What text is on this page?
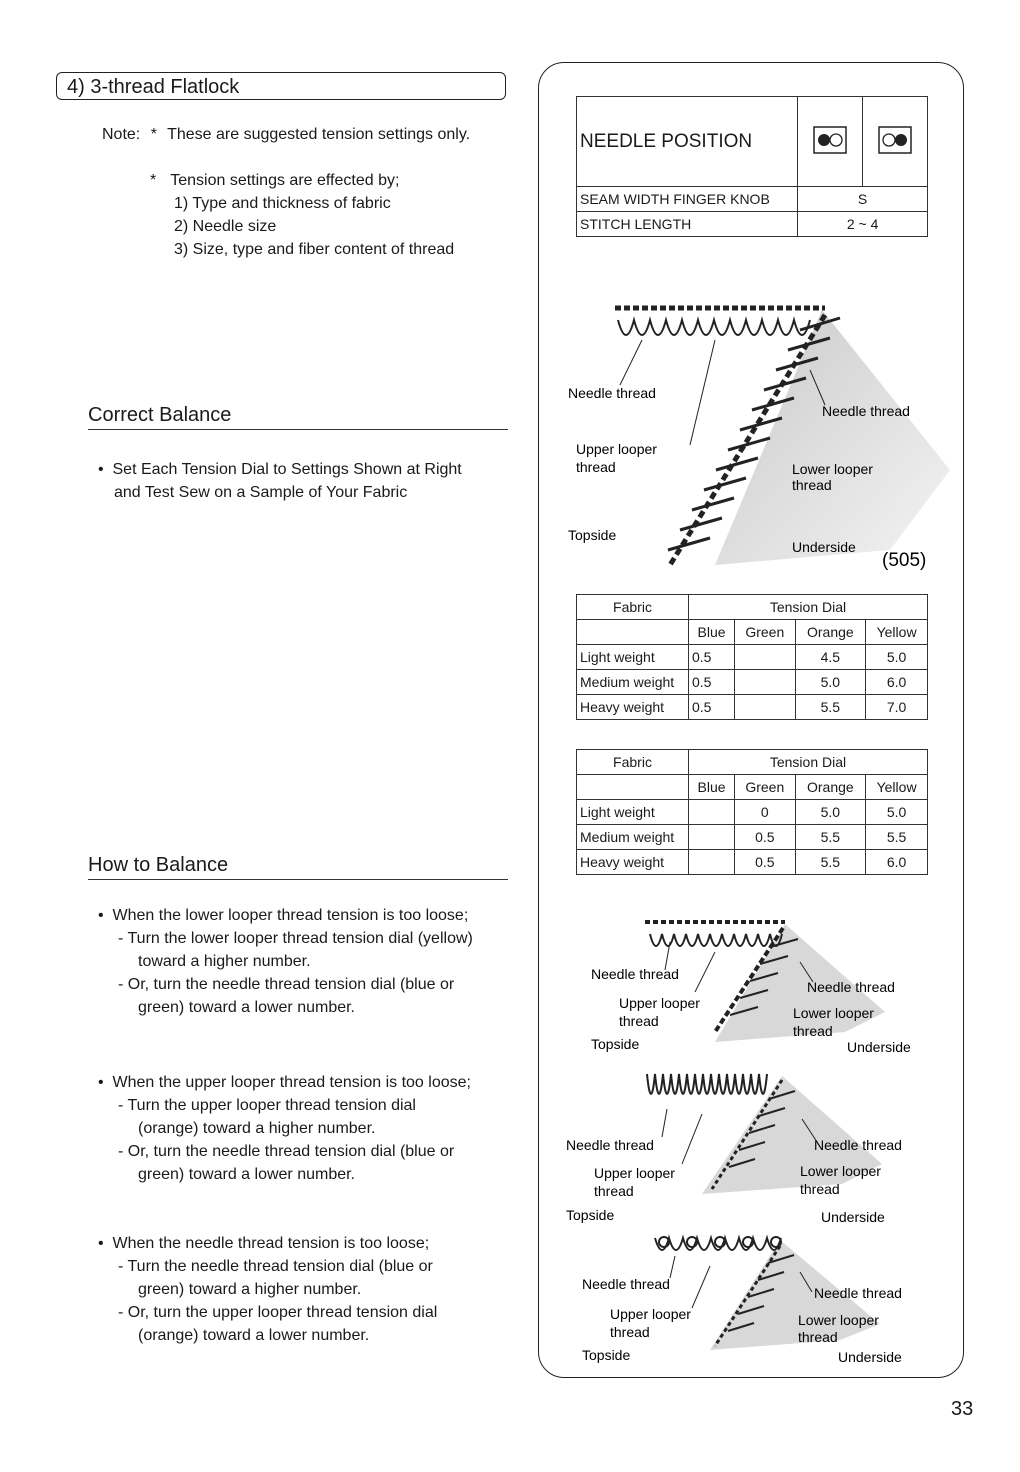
4) 3-thread Flatlock
Note: * These are suggested tension settings only.
* Tension settings are effected by;
1) Type and thickness of fabric
2) Needle size
3) Size, type and fiber content of thread
Correct Balance
•  Set Each Tension Dial to Settings Shown at Right
and Test Sew on a Sample of Your Fabric
How to Balance
•  When the lower looper thread tension is too loose;
- Turn the lower looper thread tension dial (yellow)
toward a higher number.
- Or, turn the needle thread tension dial (blue or
green) toward a lower number.
•  When the upper looper thread tension is too loose;
- Turn the upper looper thread tension dial
(orange) toward a higher number.
- Or, turn the needle thread tension dial (blue or
green) toward a lower number.
•  When the needle thread tension is too loose;
- Turn the needle thread tension dial (blue or
green) toward a higher number.
- Or, turn the upper looper thread tension dial
(orange) toward a lower number.
NEEDLE POSITION		
SEAM WIDTH FINGER KNOB	S	
STITCH LENGTH	2 ~ 4	
Needle thread
Needle thread
Upper looper
thread	Lower looper
thread
Topside
Underside
(505)
Fabric	Tension Dial			
	Blue	Green	Orange	Yellow
Light weight	0.5		4.5	5.0
Medium weight	0.5		5.0	6.0
Heavy weight	0.5		5.5	7.0
Fabric	Tension Dial			
	Blue	Green	Orange	Yellow
Light weight		0	5.0	5.0
Medium weight		0.5	5.5	5.5
Heavy weight		0.5	5.5	6.0
Needle thread
Needle thread
Upper looper
thread	Lower looper
thread
Topside	Underside
Needle thread	Needle thread
Upper looper
thread
Lower looper
thread
Topside	Underside
Needle thread
Needle thread
Upper looper
thread
Lower looper
thread
Topside	Underside
33
